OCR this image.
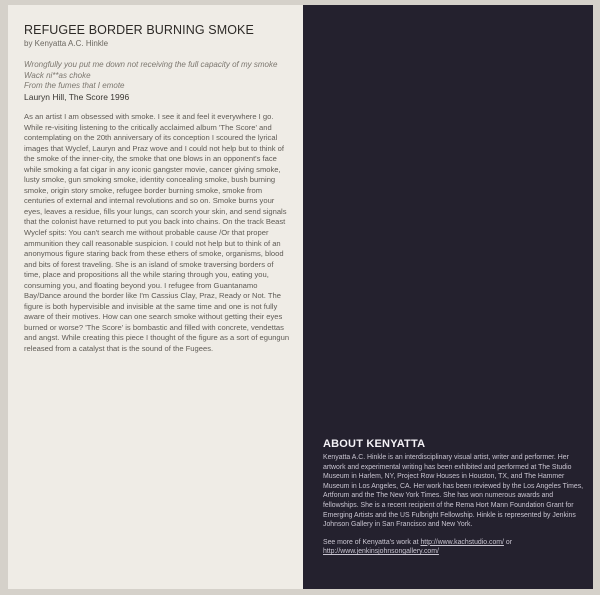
REFUGEE BORDER BURNING SMOKE
by Kenyatta A.C. Hinkle
Wrongfully you put me down not receiving the full capacity of my smoke
Wack ni**as choke
From the fumes that I emote
Lauryn Hill, The Score 1996
As an artist I am obsessed with smoke. I see it and feel it everywhere I go. While re-visiting listening to the critically acclaimed album 'The Score' and contemplating on the 20th anniversary of its conception I scoured the lyrical images that Wyclef, Lauryn and Praz wove and I could not help but to think of the smoke of the inner-city, the smoke that one blows in an opponent's face while smoking a fat cigar in any iconic gangster movie, cancer giving smoke, lusty smoke, gun smoking smoke, identity concealing smoke, bush burning smoke, origin story smoke, refugee border burning smoke, smoke from centuries of external and internal revolutions and so on. Smoke burns your eyes, leaves a residue, fills your lungs, can scorch your skin, and send signals that the colonist have returned to put you back into chains. On the track Beast Wyclef spits: You can't search me without probable cause /Or that proper ammunition they call reasonable suspicion. I could not help but to think of an anonymous figure staring back from these ethers of smoke, organisms, blood and bits of forest traveling. She is an island of smoke traversing borders of time, place and propositions all the while staring through you, eating you, consuming you, and floating beyond you. I refugee from Guantanamo Bay/Dance around the border like I'm Cassius Clay, Praz, Ready or Not. The figure is both hypervisible and invisible at the same time and one is not fully aware of their motives. How can one search smoke without getting their eyes burned or worse? 'The Score' is bombastic and filled with concrete, vendettas and angst. While creating this piece I thought of the figure as a sort of egungun released from a catalyst that is the sound of the Fugees.
ABOUT KENYATTA

Kenyatta A.C. Hinkle is an interdisciplinary visual artist, writer and performer. Her artwork and experimental writing has been exhibited and performed at The Studio Museum in Harlem, NY, Project Row Houses in Houston, TX, and The Hammer Museum in Los Angeles, CA. Her work has been reviewed by the Los Angeles Times, Artforum and the The New York Times. She has won numerous awards and fellowships. She is a recent recipient of the Rema Hort Mann Foundation Grant for Emerging Artists and the US Fulbright Fellowship. Hinkle is represented by Jenkins Johnson Gallery in San Francisco and New York.

See more of Kenyatta's work at http://www.kachstudio.com/ or
http://www.jenkinsjohnsongallery.com/
